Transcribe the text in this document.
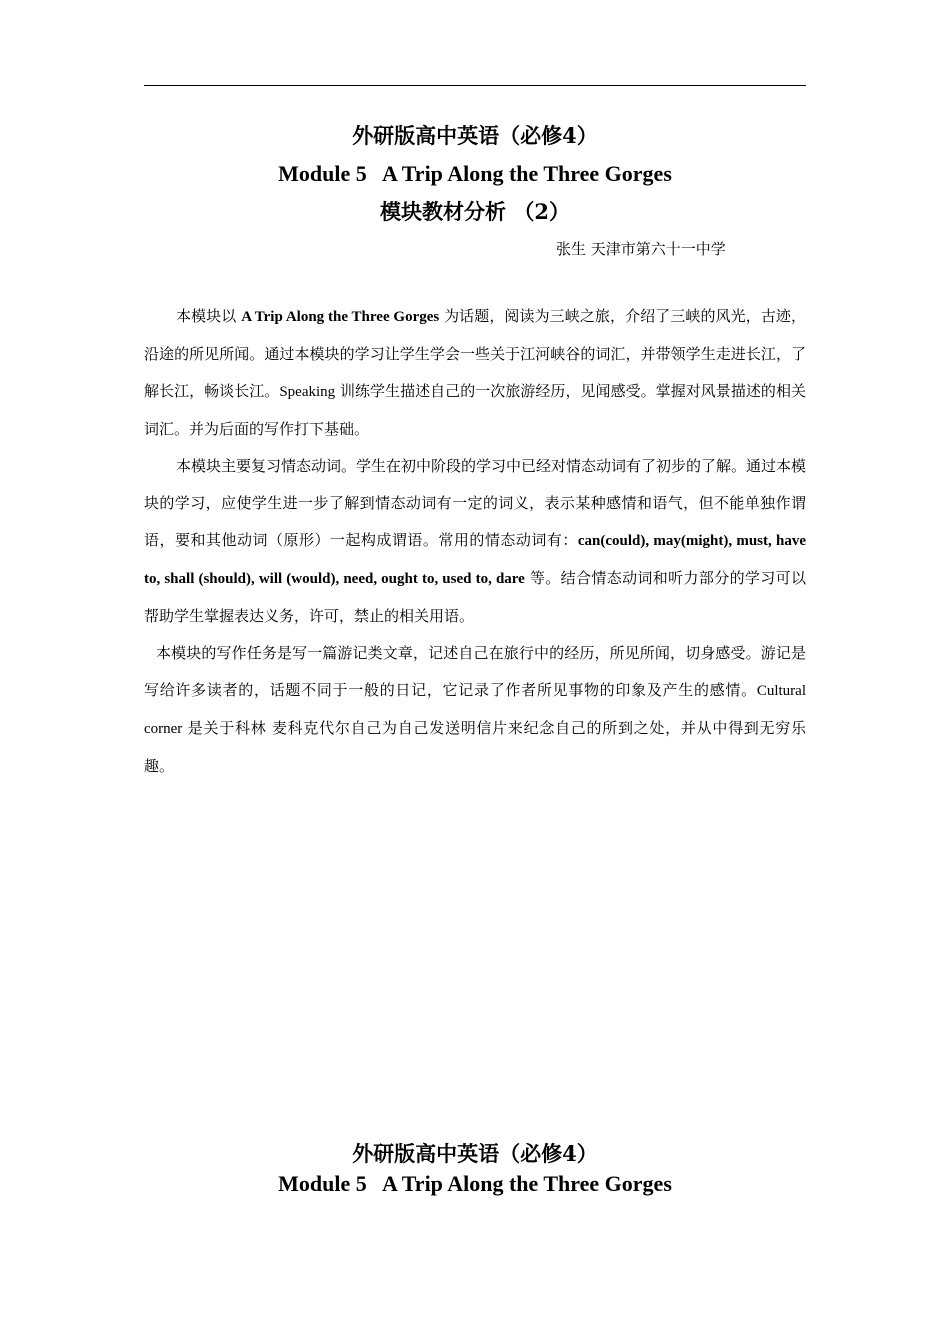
外研版高中英语（必修4）
Module 5   A Trip Along the Three Gorges
模块教材分析 （2）
张生 天津市第六十一中学

本模块以 A Trip Along the Three Gorges 为话题，阅读为三峡之旅，介绍了三峡的风光，古迹，沿途的所见所闻。通过本模块的学习让学生学会一些关于江河峡谷的词汇，并带领学生走进长江，了解长江，畅谈长江。Speaking 训练学生描述自己的一次旅游经历，见闻感受。掌握对风景描述的相关词汇。并为后面的写作打下基础。

本模块主要复习情态动词。学生在初中阶段的学习中已经对情态动词有了初步的了解。通过本模块的学习，应使学生进一步了解到情态动词有一定的词义，表示某种感情和语气，但不能单独作谓语，要和其他动词（原形）一起构成谓语。常用的情态动词有：can(could), may(might), must, have to, shall (should), will (would), need, ought to, used to, dare 等。结合情态动词和听力部分的学习可以帮助学生掌握表达义务，许可，禁止的相关用语。

本模块的写作任务是写一篇游记类文章，记述自己在旅行中的经历，所见所闻，切身感受。游记是写给许多读者的，话题不同于一般的日记，它记录了作者所见事物的印象及产生的感情。Cultural corner 是关于科林 麦科克代尔自己为自己发送明信片来纪念自己的所到之处，并从中得到无穷乐趣。

外研版高中英语（必修4）
Module 5   A Trip Along the Three Gorges
